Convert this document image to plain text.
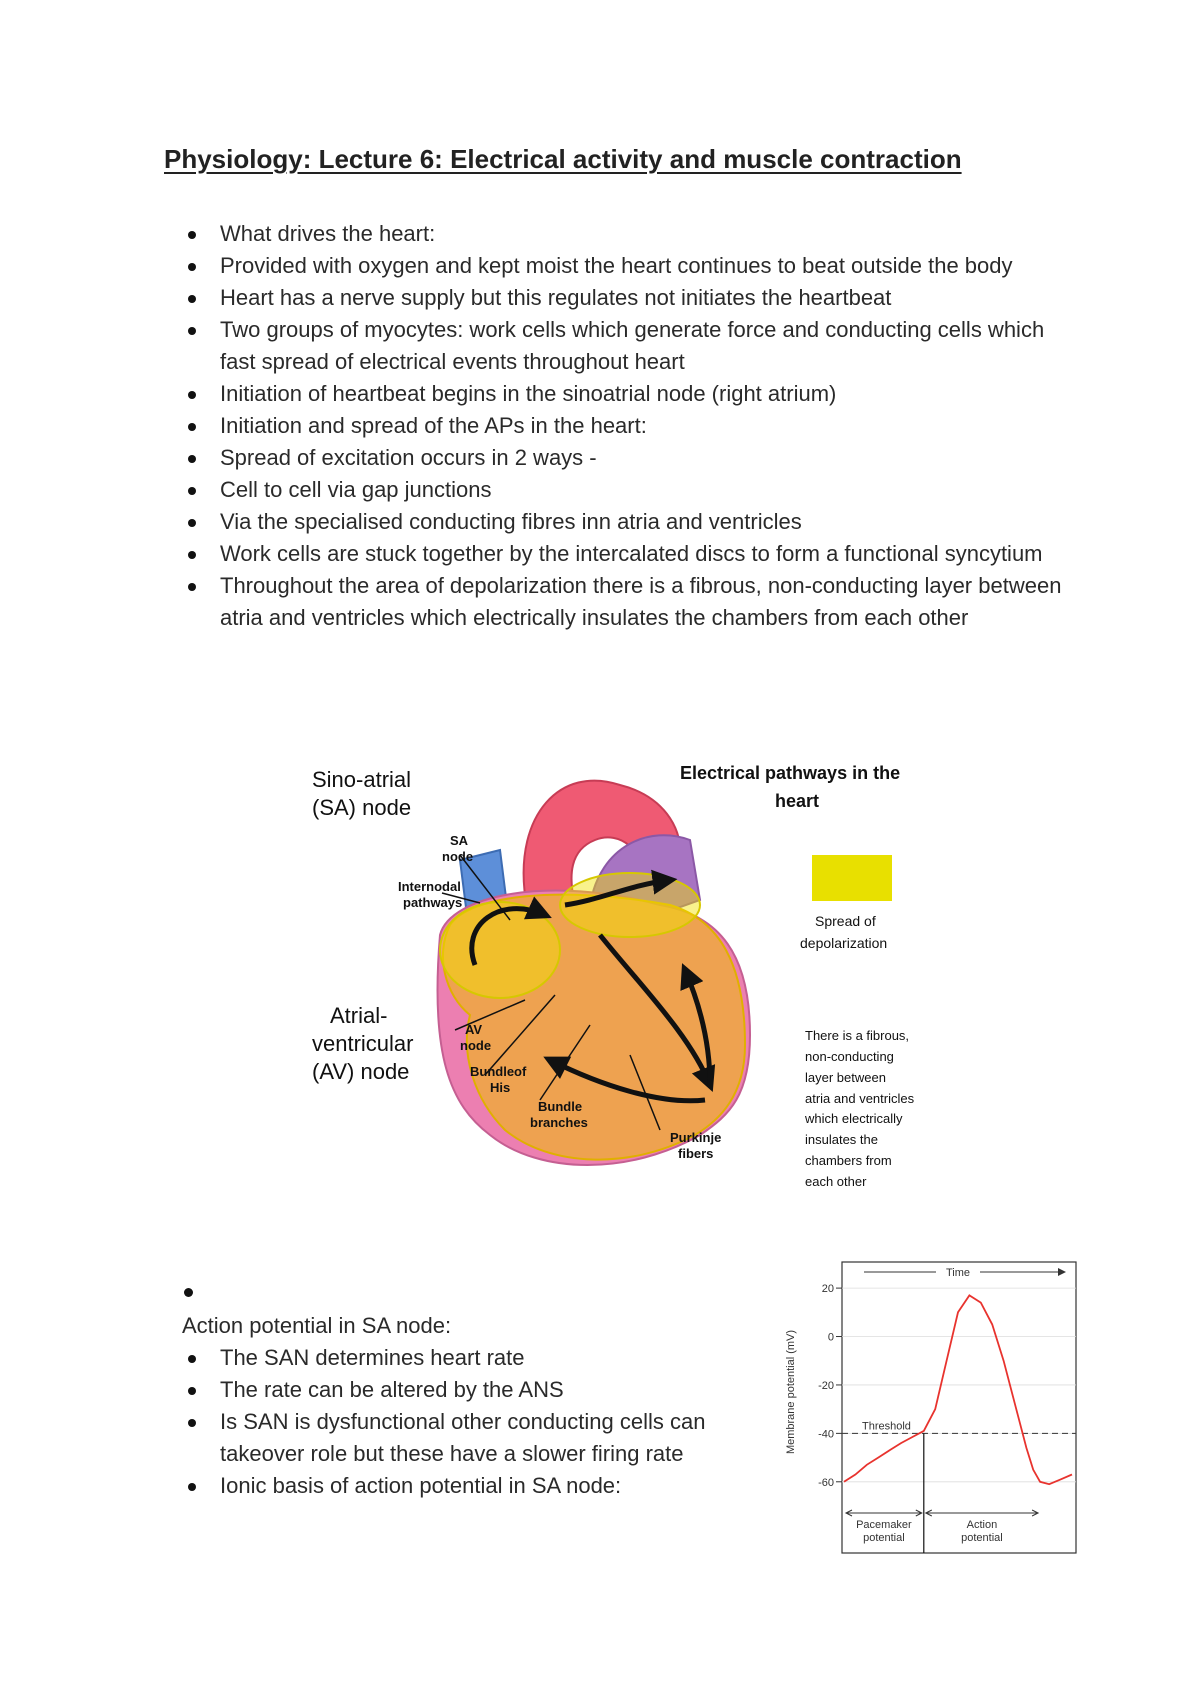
Physiology: Lecture 6: Electrical activity and muscle contraction
What drives the heart:
Provided with oxygen and kept moist the heart continues to beat outside the body
Heart has a nerve supply but this regulates not initiates the heartbeat
Two groups of myocytes: work cells which generate force and conducting cells which fast spread of electrical events throughout heart
Initiation of heartbeat begins in the sinoatrial node (right atrium)
Initiation and spread of the APs in the heart:
Spread of excitation occurs in 2 ways -
Cell to cell via gap junctions
Via the specialised conducting fibres inn atria and ventricles
Work cells are stuck together by the intercalated discs to form a functional syncytium
Throughout the area of depolarization there is a fibrous, non-conducting layer between atria and ventricles which electrically insulates the chambers from each other
Sino-atrial
(SA) node
Atrial-
ventricular
(AV) node
SA
node
Internodal
pathways
AV
node
Bundleof
His
Bundle
branches
Purkinje
fibers
Electrical pathways in the
heart
Spread of
depolarization
There is a fibrous,
non-conducting
layer between
atria and ventricles
which electrically
insulates the
chambers from
each other

Action potential in SA node:

The SAN determines heart rate
The rate can be altered by the ANS
Is SAN is dysfunctional other conducting cells can takeover role but these have a slower firing rate
Ionic basis of action potential in SA node:
Membrane potential (mV)
20
0
-20
-40
-60
Threshold
Time
Pacemaker
potential
Action
potential
